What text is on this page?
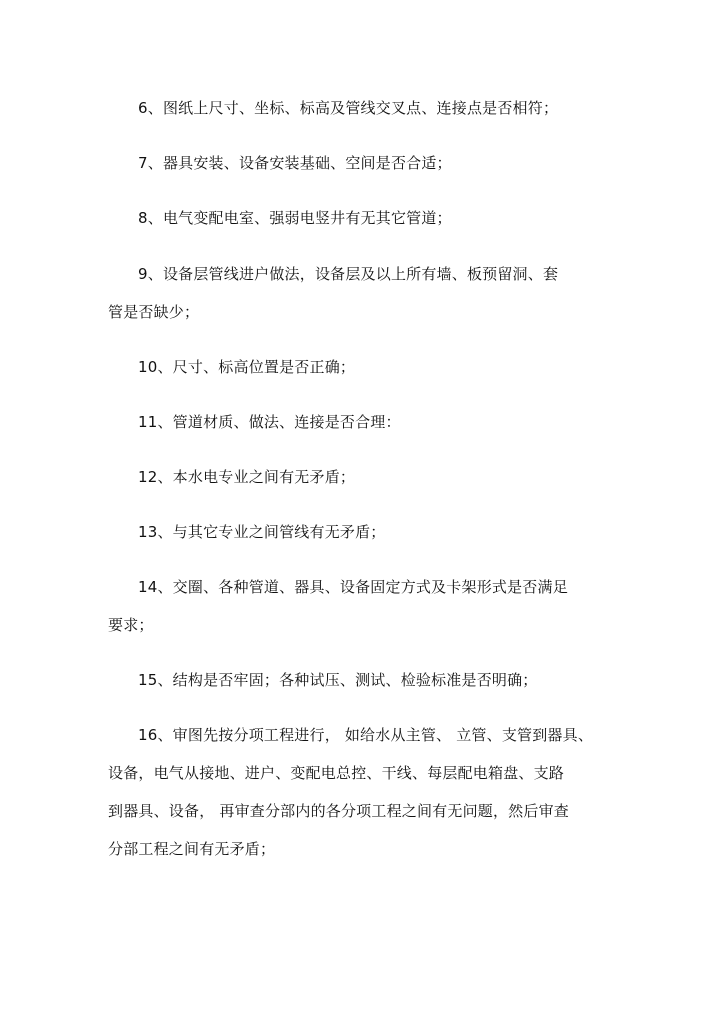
6、图纸上尺寸、坐标、标高及管线交叉点、连接点是否相符；
7、器具安装、设备安装基础、空间是否合适；
8、电气变配电室、强弱电竖井有无其它管道；
9、设备层管线进户做法，设备层及以上所有墙、板预留洞、套
管是否缺少；
10、尺寸、标高位置是否正确；
11、管道材质、做法、连接是否合理：
12、本水电专业之间有无矛盾；
13、与其它专业之间管线有无矛盾；
14、交圈、各种管道、器具、设备固定方式及卡架形式是否满足
要求；
15、结构是否牢固；各种试压、测试、检验标准是否明确；
16、审图先按分项工程进行， 如给水从主管、 立管、支管到器具、
设备，电气从接地、进户、变配电总控、干线、每层配电箱盘、支路
到器具、设备， 再审查分部内的各分项工程之间有无问题，然后审查
分部工程之间有无矛盾；
